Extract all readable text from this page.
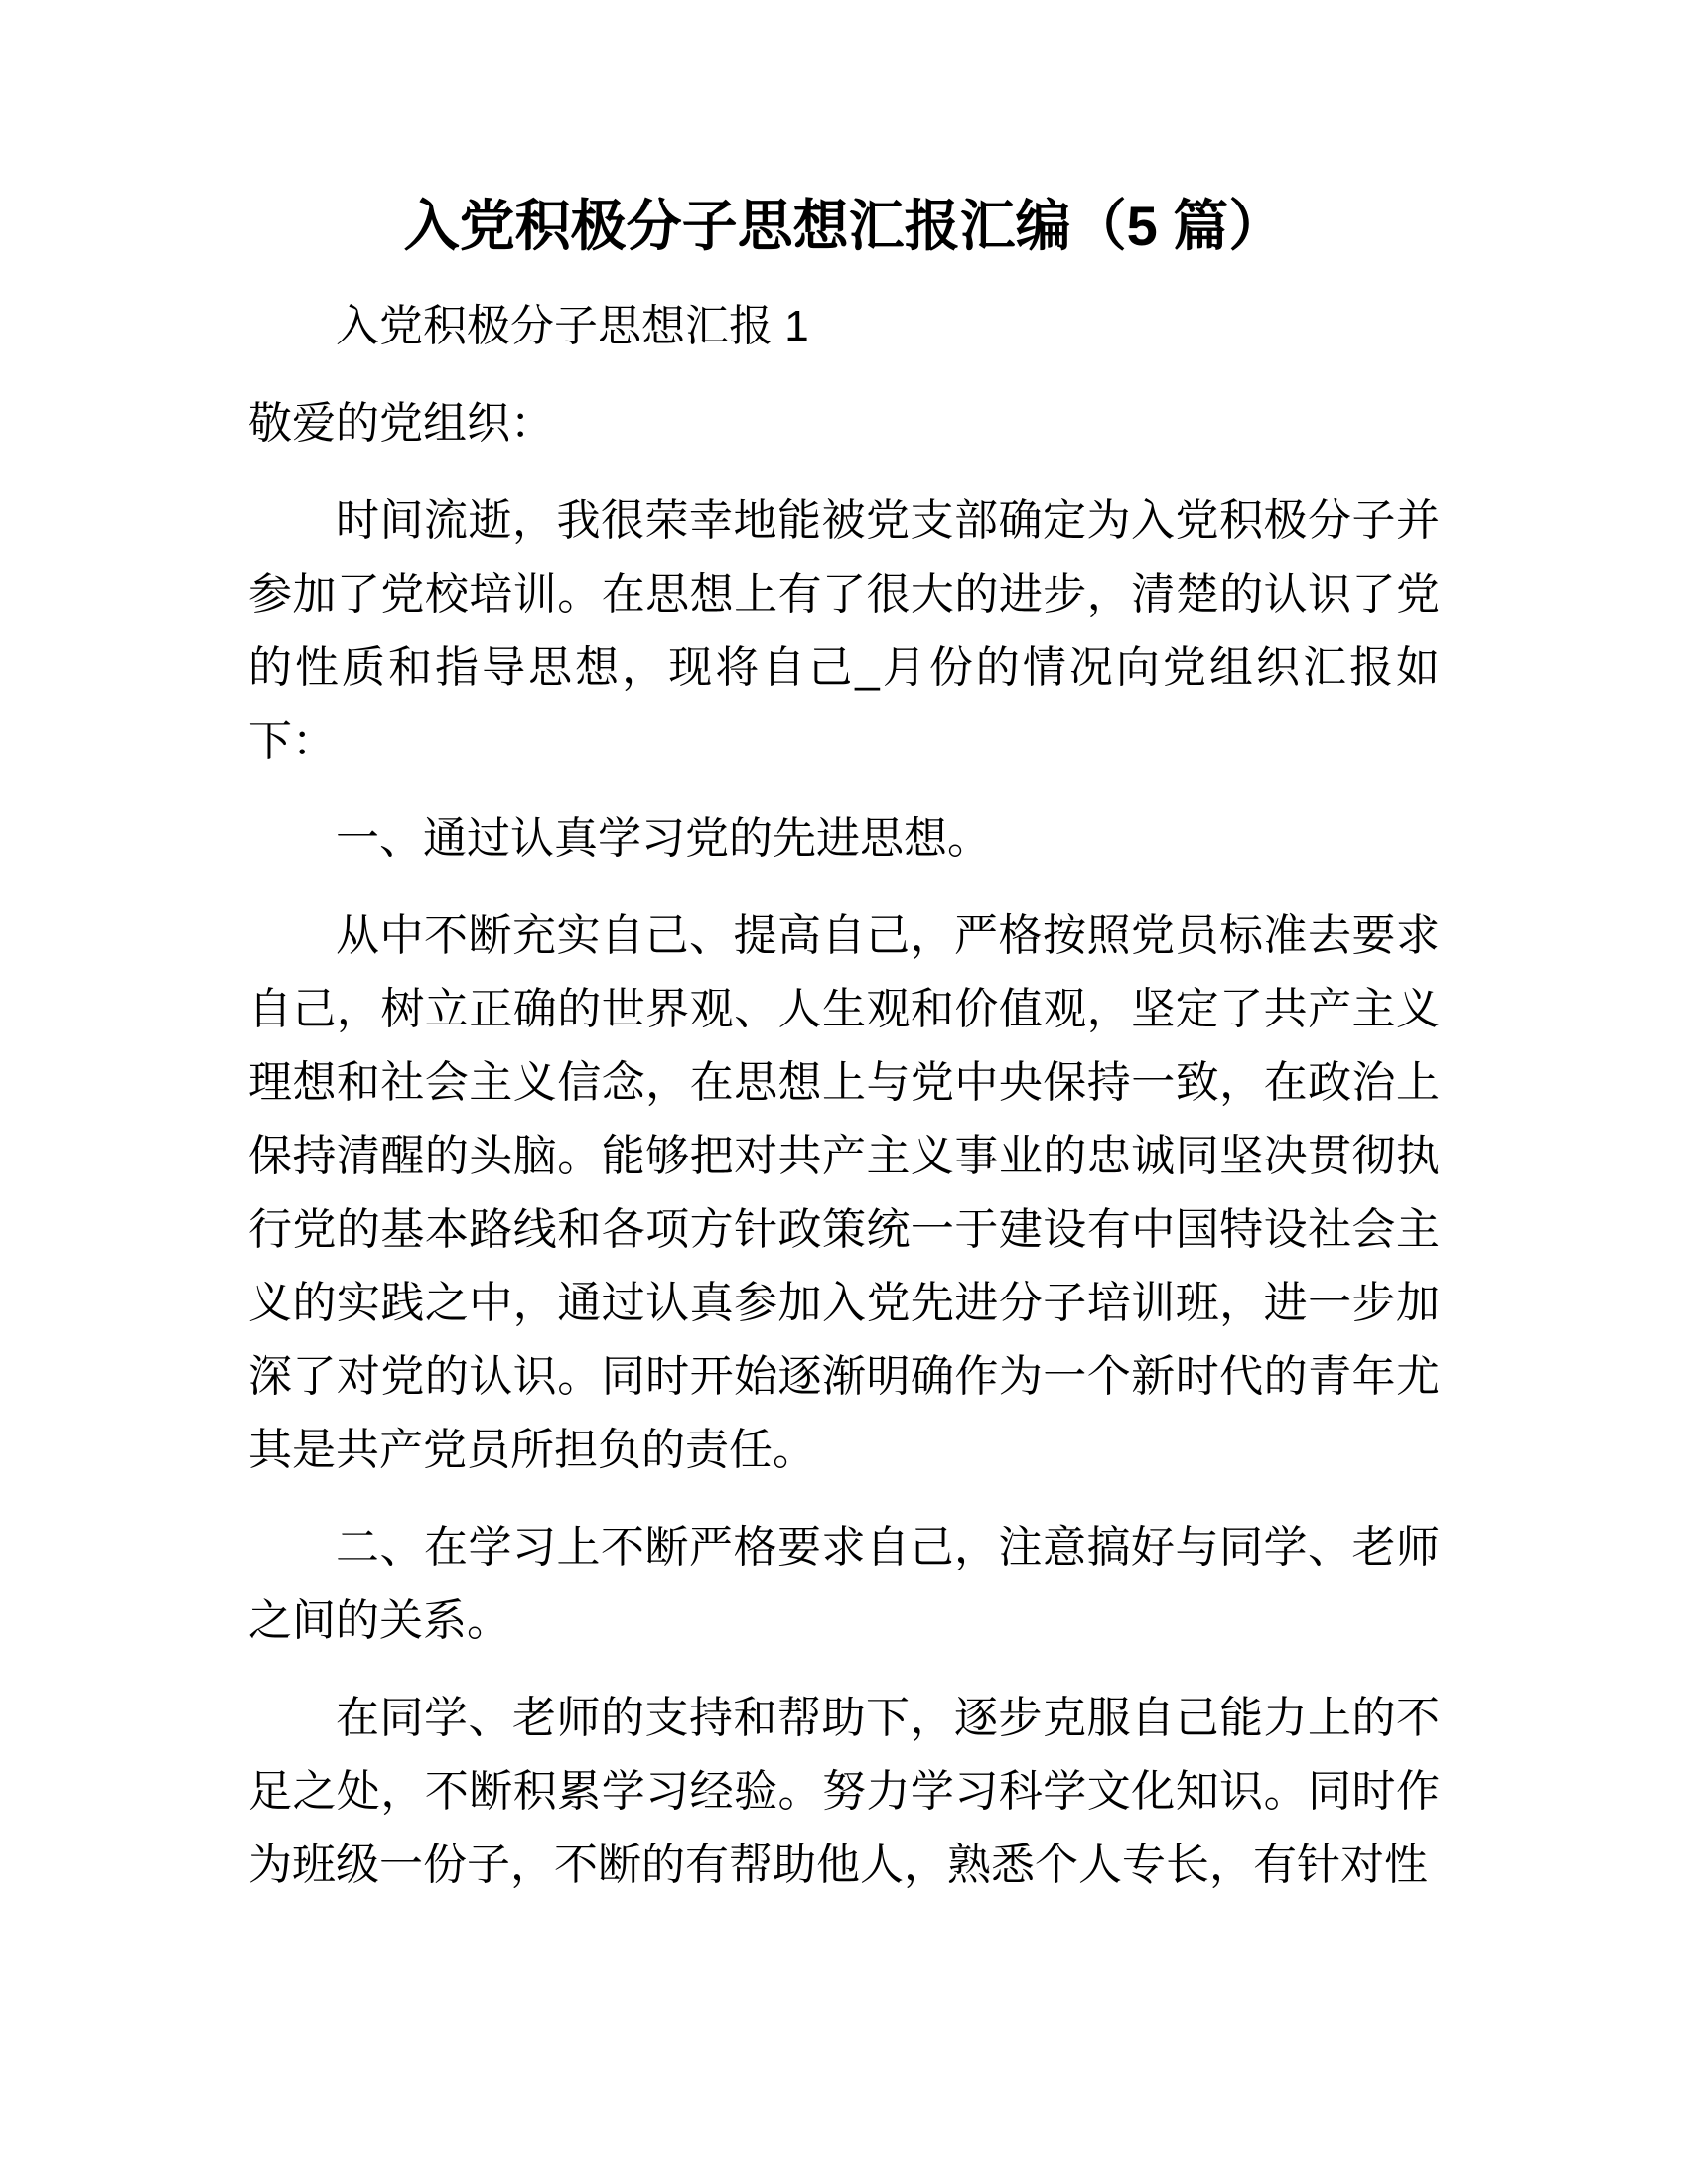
入党积极分子思想汇报汇编（5 篇）

入党积极分子思想汇报 1

敬爱的党组织：

时间流逝，我很荣幸地能被党支部确定为入党积极分子并参加了党校培训。在思想上有了很大的进步，清楚的认识了党的性质和指导思想，现将自己_月份的情况向党组织汇报如下：

一、通过认真学习党的先进思想。

从中不断充实自己、提高自己，严格按照党员标准去要求自己，树立正确的世界观、人生观和价值观，坚定了共产主义理想和社会主义信念，在思想上与党中央保持一致，在政治上保持清醒的头脑。能够把对共产主义事业的忠诚同坚决贯彻执行党的基本路线和各项方针政策统一于建设有中国特设社会主义的实践之中，通过认真参加入党先进分子培训班，进一步加深了对党的认识。同时开始逐渐明确作为一个新时代的青年尤其是共产党员所担负的责任。

二、在学习上不断严格要求自己，注意搞好与同学、老师之间的关系。

在同学、老师的支持和帮助下，逐步克服自己能力上的不足之处，不断积累学习经验。努力学习科学文化知识。同时作为班级一份子，不断的有帮助他人，熟悉个人专长，有针对性
